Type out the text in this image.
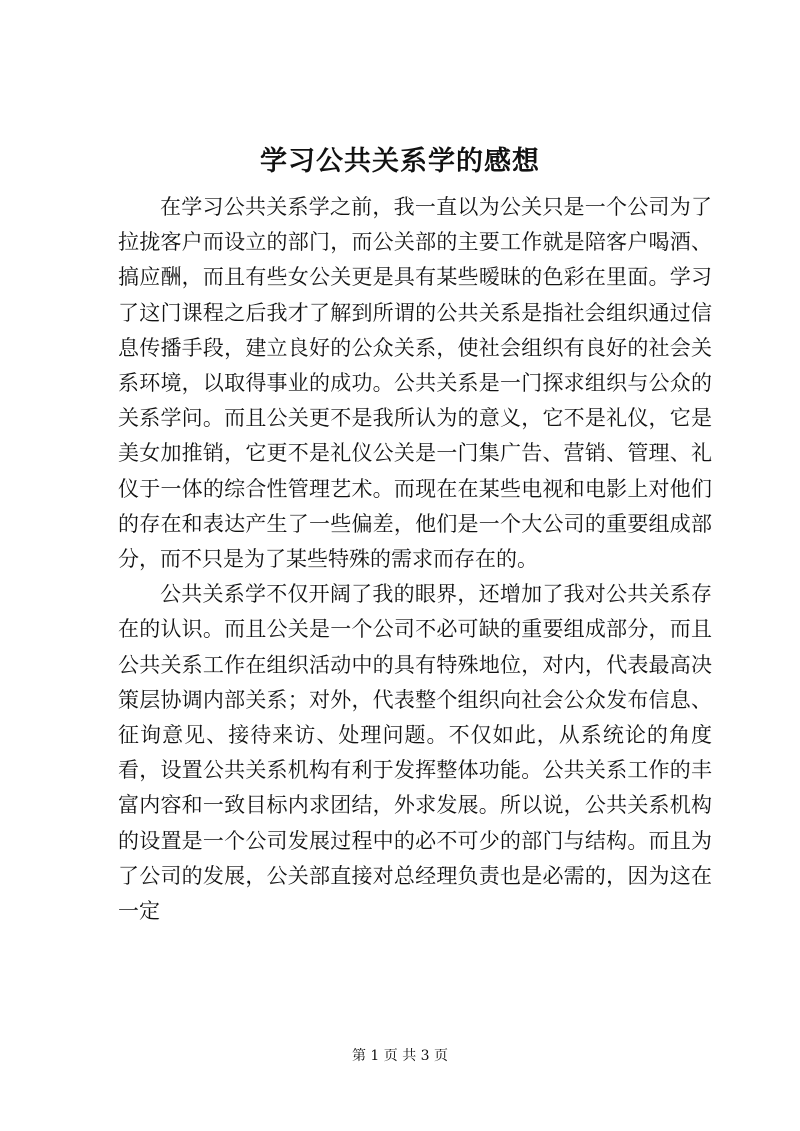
学习公共关系学的感想

在学习公共关系学之前，我一直以为公关只是一个公司为了拉拢客户而设立的部门，而公关部的主要工作就是陪客户喝酒、搞应酬，而且有些女公关更是具有某些暧昧的色彩在里面。学习了这门课程之后我才了解到所谓的公共关系是指社会组织通过信息传播手段，建立良好的公众关系，使社会组织有良好的社会关系环境，以取得事业的成功。公共关系是一门探求组织与公众的关系学问。而且公关更不是我所认为的意义，它不是礼仪，它是美女加推销，它更不是礼仪公关是一门集广告、营销、管理、礼仪于一体的综合性管理艺术。而现在在某些电视和电影上对他们的存在和表达产生了一些偏差，他们是一个大公司的重要组成部分，而不只是为了某些特殊的需求而存在的。

公共关系学不仅开阔了我的眼界，还增加了我对公共关系存在的认识。而且公关是一个公司不必可缺的重要组成部分，而且公共关系工作在组织活动中的具有特殊地位，对内，代表最高决策层协调内部关系；对外，代表整个组织向社会公众发布信息、征询意见、接待来访、处理问题。不仅如此，从系统论的角度看，设置公共关系机构有利于发挥整体功能。公共关系工作的丰富内容和一致目标内求团结，外求发展。所以说，公共关系机构的设置是一个公司发展过程中的必不可少的部门与结构。而且为了公司的发展，公关部直接对总经理负责也是必需的，因为这在一定

第 1 页 共 3 页
